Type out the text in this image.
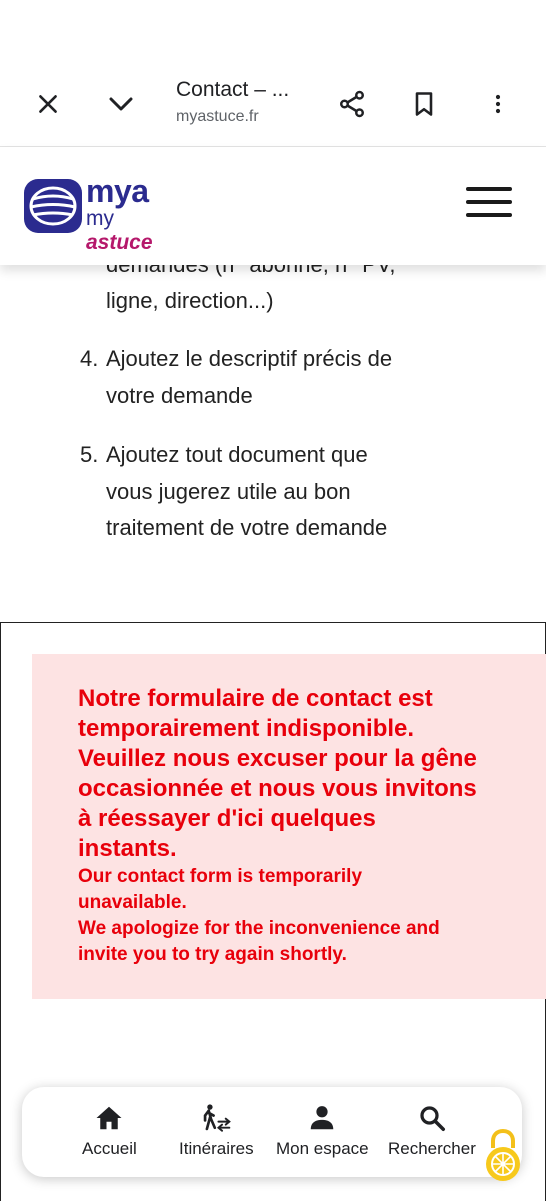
Contact – ...
myastuce.fr
mya
my astuce
ligne, direction...)
4. Ajoutez le descriptif précis de
votre demande
5. Ajoutez tout document que
vous jugerez utile au bon
traitement de votre demande
Notre formulaire de contact est
temporairement indisponible.
Veuillez nous excuser pour la gêne
occasionnée et nous vous invitons
à réessayer d'ici quelques
instants.
Our contact form is temporarily
unavailable.
We apologize for the inconvenience and
invite you to try again shortly.
Accueil Itinéraires Mon espace Rechercher
